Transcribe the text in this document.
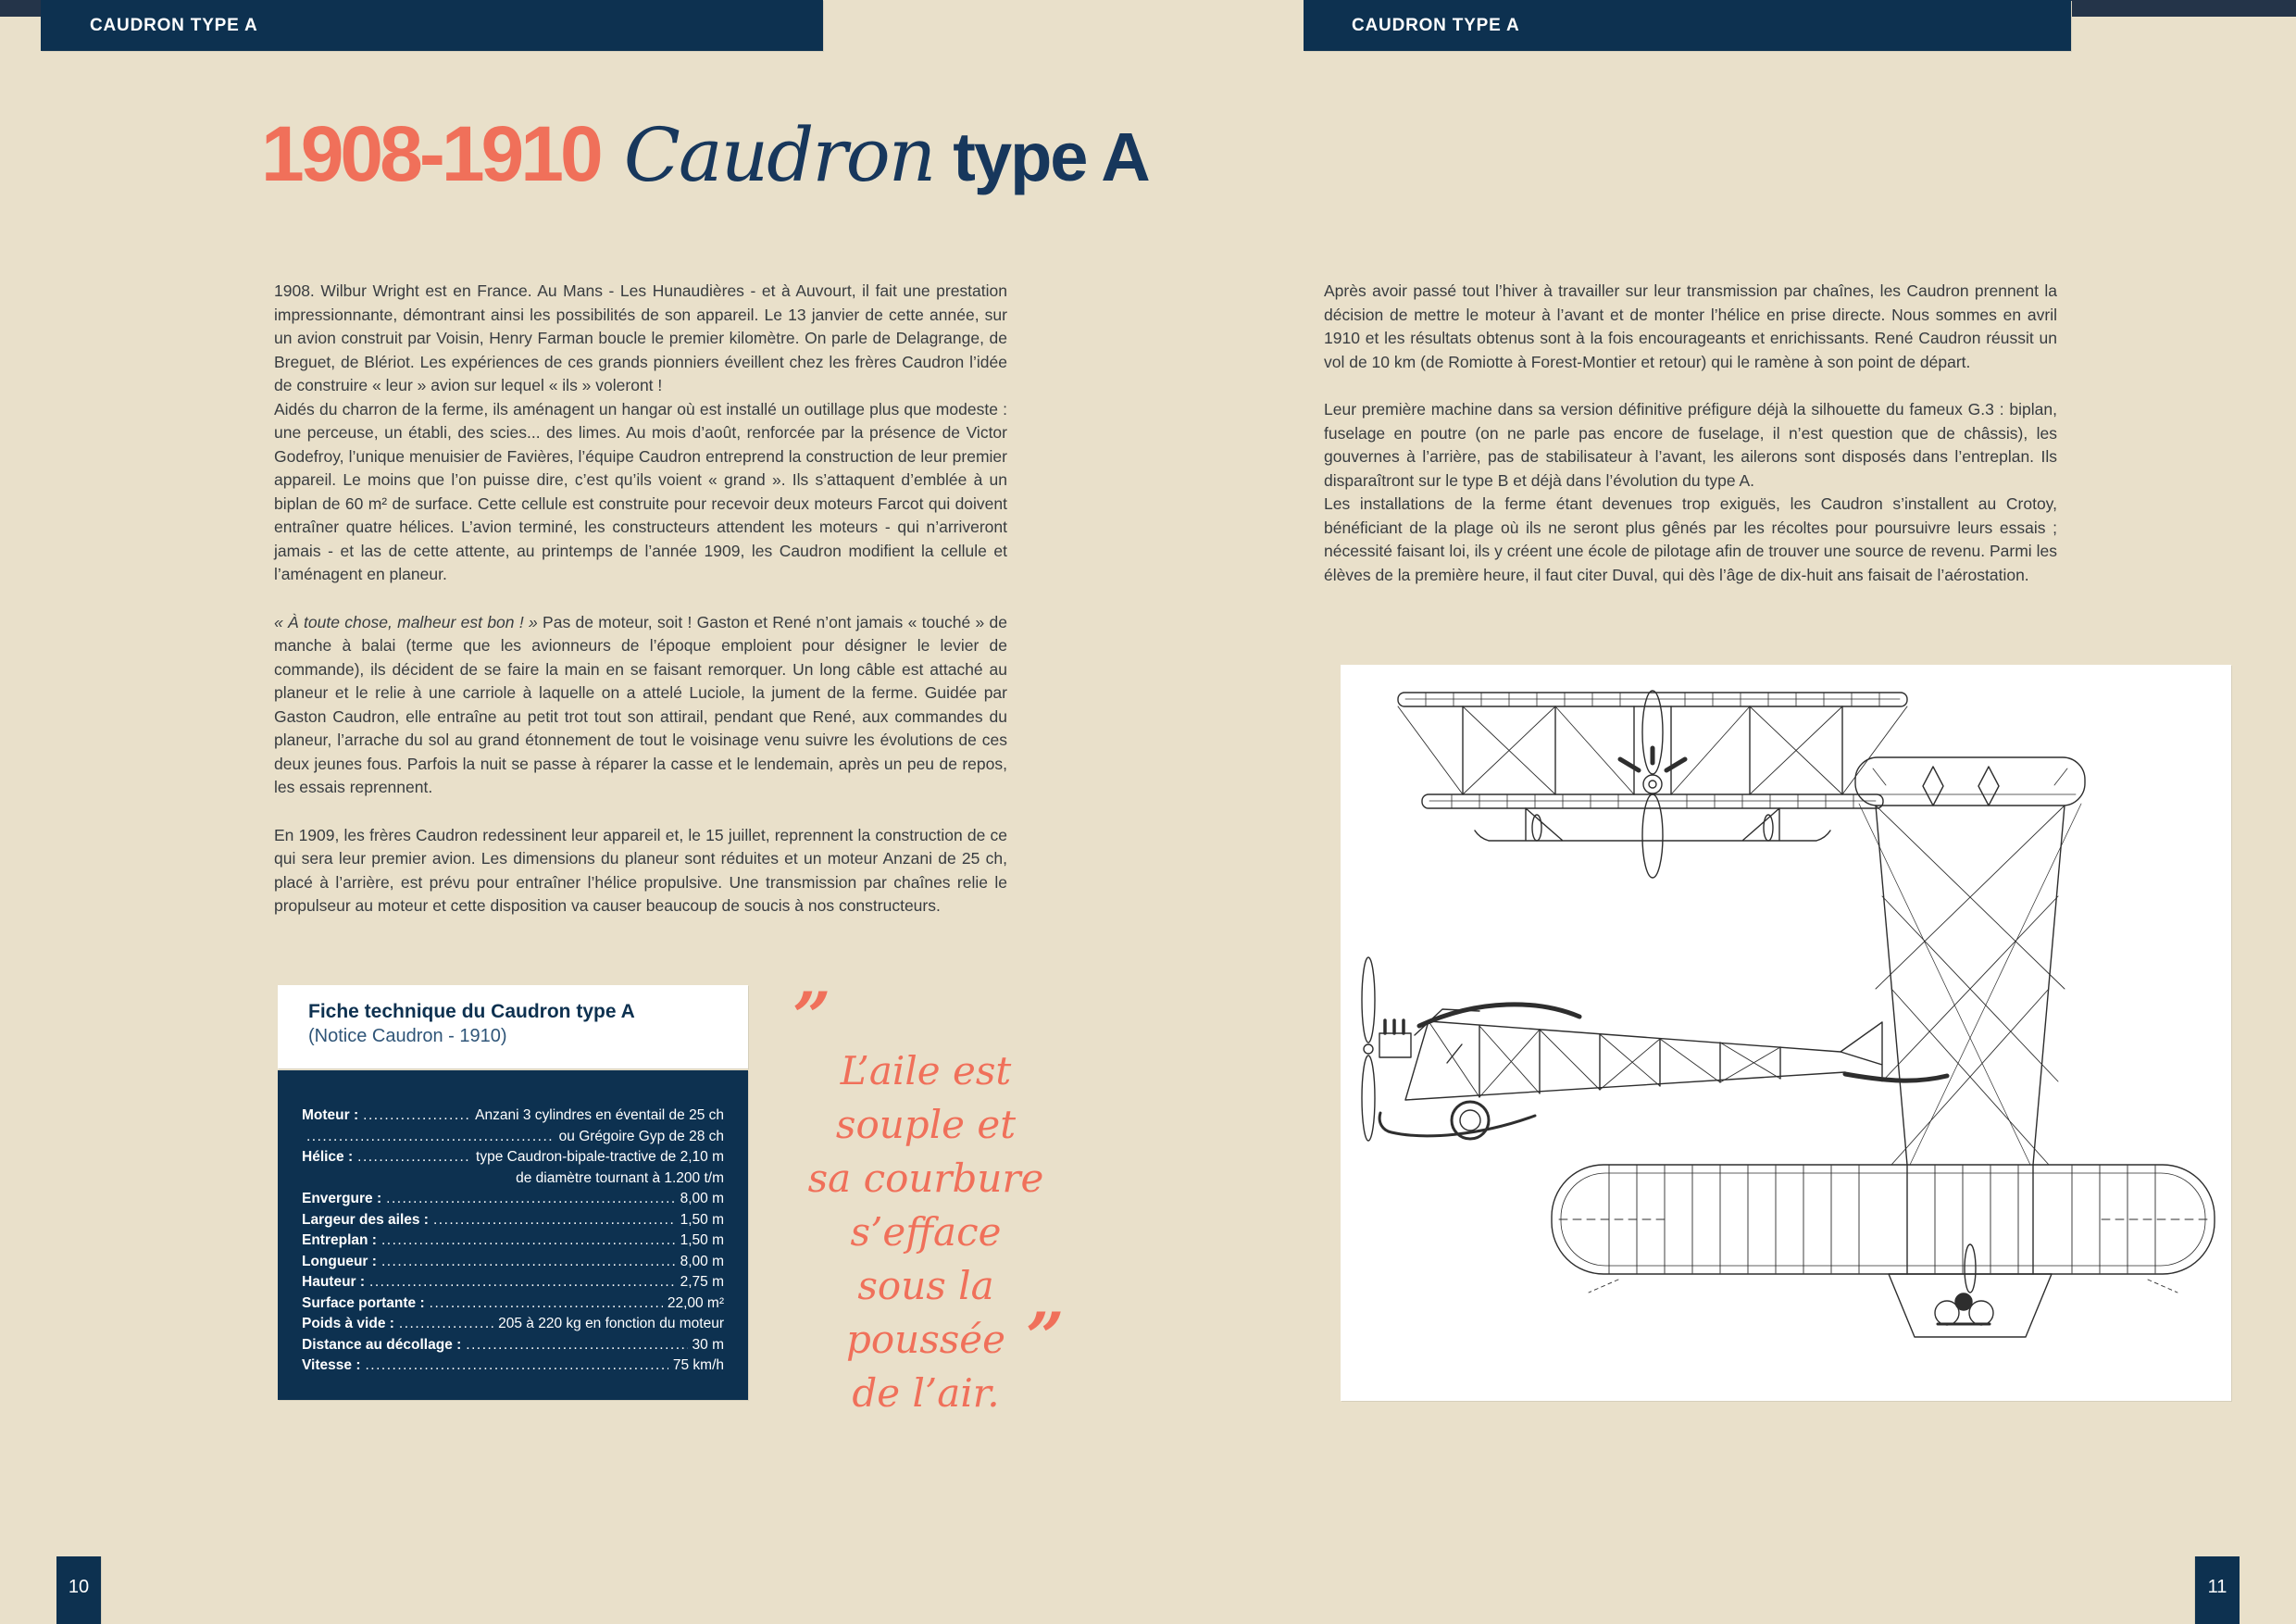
CAUDRON TYPE A	CAUDRON TYPE A
1908-1910 Caudron type A

1908. Wilbur Wright est en France. Au Mans - Les Hunaudières - et à Auvourt, il fait une prestation impressionnante, démontrant ainsi les possibilités de son appareil. Le 13 janvier de cette année, sur un avion construit par Voisin, Henry Farman boucle le premier kilomètre. On parle de Delagrange, de Breguet, de Blériot. Les expériences de ces grands pionniers éveillent chez les frères Caudron l’idée de construire « leur » avion sur lequel « ils » voleront !

Aidés du charron de la ferme, ils aménagent un hangar où est installé un outillage plus que modeste : une perceuse, un établi, des scies... des limes. Au mois d’août, renforcée par la présence de Victor Godefroy, l’unique menuisier de Favières, l’équipe Caudron entreprend la construction de leur premier appareil. Le moins que l’on puisse dire, c’est qu’ils voient « grand ». Ils s’attaquent d’emblée à un biplan de 60 m² de surface. Cette cellule est construite pour recevoir deux moteurs Farcot qui doivent entraîner quatre hélices. L’avion terminé, les constructeurs attendent les moteurs - qui n’arriveront jamais - et las de cette attente, au printemps de l’année 1909, les Caudron modifient la cellule et l’aménagent en planeur.

« À toute chose, malheur est bon ! » Pas de moteur, soit ! Gaston et René n’ont jamais « touché » de manche à balai (terme que les avionneurs de l’époque emploient pour désigner le levier de commande), ils décident de se faire la main en se faisant remorquer. Un long câble est attaché au planeur et le relie à une carriole à laquelle on a attelé Luciole, la jument de la ferme. Guidée par Gaston Caudron, elle entraîne au petit trot tout son attirail, pendant que René, aux commandes du planeur, l’arrache du sol au grand étonnement de tout le voisinage venu suivre les évolutions de ces deux jeunes fous. Parfois la nuit se passe à réparer la casse et le lendemain, après un peu de repos, les essais reprennent.

En 1909, les frères Caudron redessinent leur appareil et, le 15 juillet, reprennent la construction de ce qui sera leur premier avion. Les dimensions du planeur sont réduites et un moteur Anzani de 25 ch, placé à l’arrière, est prévu pour entraîner l’hélice propulsive. Une transmission par chaînes relie le propulseur au moteur et cette disposition va causer beaucoup de soucis à nos constructeurs.

Après avoir passé tout l’hiver à travailler sur leur transmission par chaînes, les Caudron prennent la décision de mettre le moteur à l’avant et de monter l’hélice en prise directe. Nous sommes en avril 1910 et les résultats obtenus sont à la fois encourageants et enrichissants. René Caudron réussit un vol de 10 km (de Romiotte à Forest-Montier et retour) qui le ramène à son point de départ.

Leur première machine dans sa version définitive préfigure déjà la silhouette du fameux G.3 : biplan, fuselage en poutre (on ne parle pas encore de fuselage, il n’est question que de châssis), les gouvernes à l’arrière, pas de stabilisateur à l’avant, les ailerons sont disposés dans l’entreplan. Ils disparaîtront sur le type B et déjà dans l’évolution du type A.

Les installations de la ferme étant devenues trop exiguës, les Caudron s’installent au Crotoy, bénéficiant de la plage où ils ne seront plus gênés par les récoltes pour poursuivre leurs essais ; nécessité faisant loi, ils y créent une école de pilotage afin de trouver une source de revenu. Parmi les élèves de la première heure, il faut citer Duval, qui dès l’âge de dix-huit ans faisait de l’aérostation.

Fiche technique du Caudron type A
(Notice Caudron - 1910)
Moteur : .....	Anzani 3 cylindres en éventail de 25 ch
.....
ou Grégoire Gyp de 28 ch
Hélice : .....	type Caudron-bipale-tractive de 2,10 m
de diamètre tournant à 1.200 t/m
Envergure : .....	8,00 m
Largeur des ailes : .....	1,50 m
Entreplan : .....	1,50 m
Longueur : .....	8,00 m
Hauteur : .....	2,75 m
Surface portante : .....	22,00 m²
Poids à vide : .....	205 à 220 kg en fonction du moteur
Distance au décollage : .....	30 m
Vitesse : .....	75 km/h
”
L’aile est
souple et
sa courbure
s’efface
sous la
poussée
de l’air.
”
10	11
